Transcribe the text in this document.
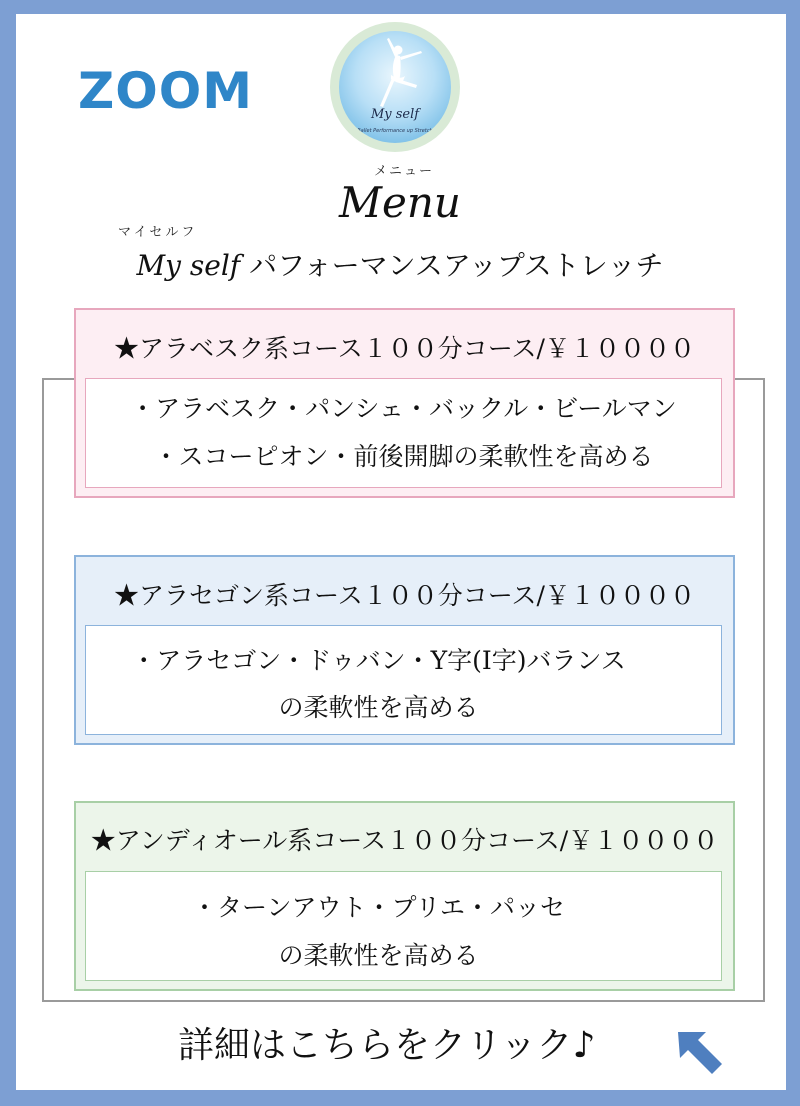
ZOOM	My self
Ballet Performance up Stretch
メニュー
Menu
マイセルフ
My self パフォーマンスアップストレッチ
★アラベスク系コース１００分コース/￥１００００
・アラベスク・パンシェ・バックル・ビールマン
・スコーピオン・前後開脚の柔軟性を高める
★アラセゴン系コース１００分コース/￥１００００
・アラセゴン・ドゥバン・Y字(I字)バランス
の柔軟性を高める
★アンディオール系コース１００分コース/￥１００００
・ターンアウト・プリエ・パッセ
の柔軟性を高める
詳細はこちらをクリック♪
